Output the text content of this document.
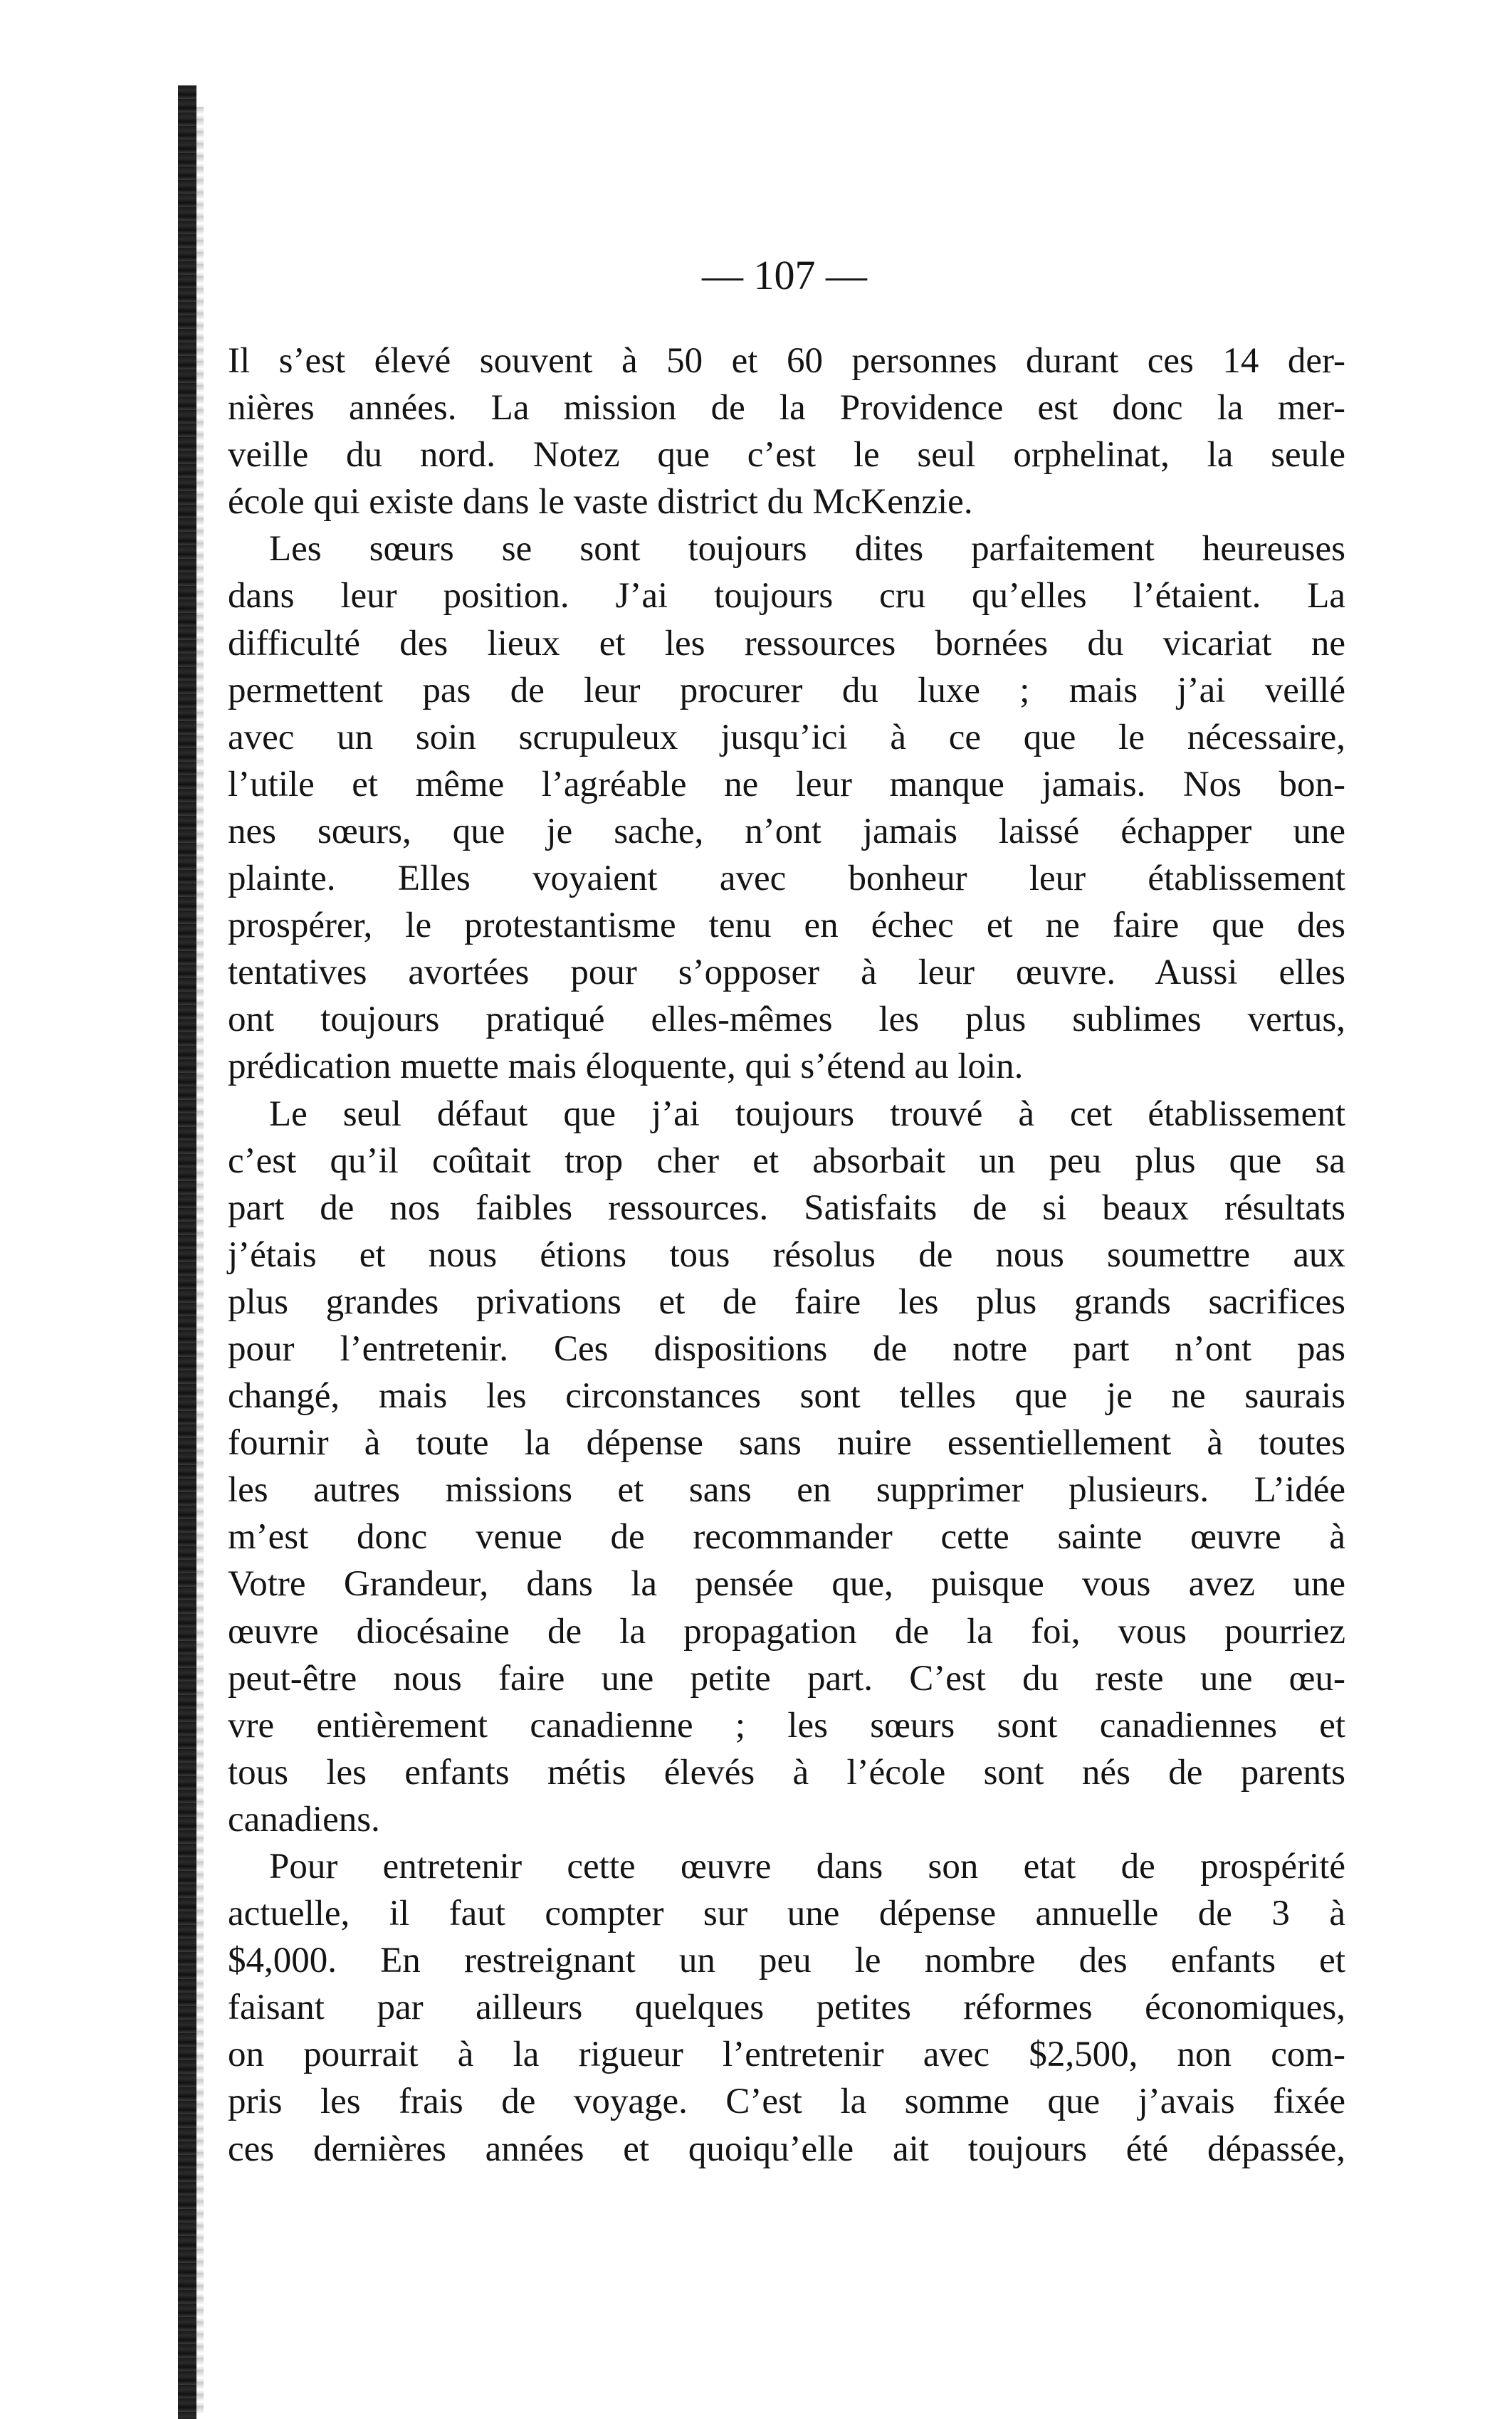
— 107 —
Il s’est élevé souvent à 50 et 60 personnes durant ces 14 der-
nières années. La mission de la Providence est donc la mer-
veille du nord. Notez que c’est le seul orphelinat, la seule
école qui existe dans le vaste district du McKenzie.
Les sœurs se sont toujours dites parfaitement heureuses
dans leur position. J’ai toujours cru qu’elles l’étaient. La
difficulté des lieux et les ressources bornées du vicariat ne
permettent pas de leur procurer du luxe ; mais j’ai veillé
avec un soin scrupuleux jusqu’ici à ce que le nécessaire,
l’utile et même l’agréable ne leur manque jamais. Nos bon-
nes sœurs, que je sache, n’ont jamais laissé échapper une
plainte. Elles voyaient avec bonheur leur établissement
prospérer, le protestantisme tenu en échec et ne faire que des
tentatives avortées pour s’opposer à leur œuvre. Aussi elles
ont toujours pratiqué elles-mêmes les plus sublimes vertus,
prédication muette mais éloquente, qui s’étend au loin.
Le seul défaut que j’ai toujours trouvé à cet établissement
c’est qu’il coûtait trop cher et absorbait un peu plus que sa
part de nos faibles ressources. Satisfaits de si beaux résultats
j’étais et nous étions tous résolus de nous soumettre aux
plus grandes privations et de faire les plus grands sacrifices
pour l’entretenir. Ces dispositions de notre part n’ont pas
changé, mais les circonstances sont telles que je ne saurais
fournir à toute la dépense sans nuire essentiellement à toutes
les autres missions et sans en supprimer plusieurs. L’idée
m’est donc venue de recommander cette sainte œuvre à
Votre Grandeur, dans la pensée que, puisque vous avez une
œuvre diocésaine de la propagation de la foi, vous pourriez
peut-être nous faire une petite part. C’est du reste une œu-
vre entièrement canadienne ; les sœurs sont canadiennes et
tous les enfants métis élevés à l’école sont nés de parents
canadiens.
Pour entretenir cette œuvre dans son etat de prospérité
actuelle, il faut compter sur une dépense annuelle de 3 à
$4,000. En restreignant un peu le nombre des enfants et
faisant par ailleurs quelques petites réformes économiques,
on pourrait à la rigueur l’entretenir avec $2,500, non com-
pris les frais de voyage. C’est la somme que j’avais fixée
ces dernières années et quoiqu’elle ait toujours été dépassée,
